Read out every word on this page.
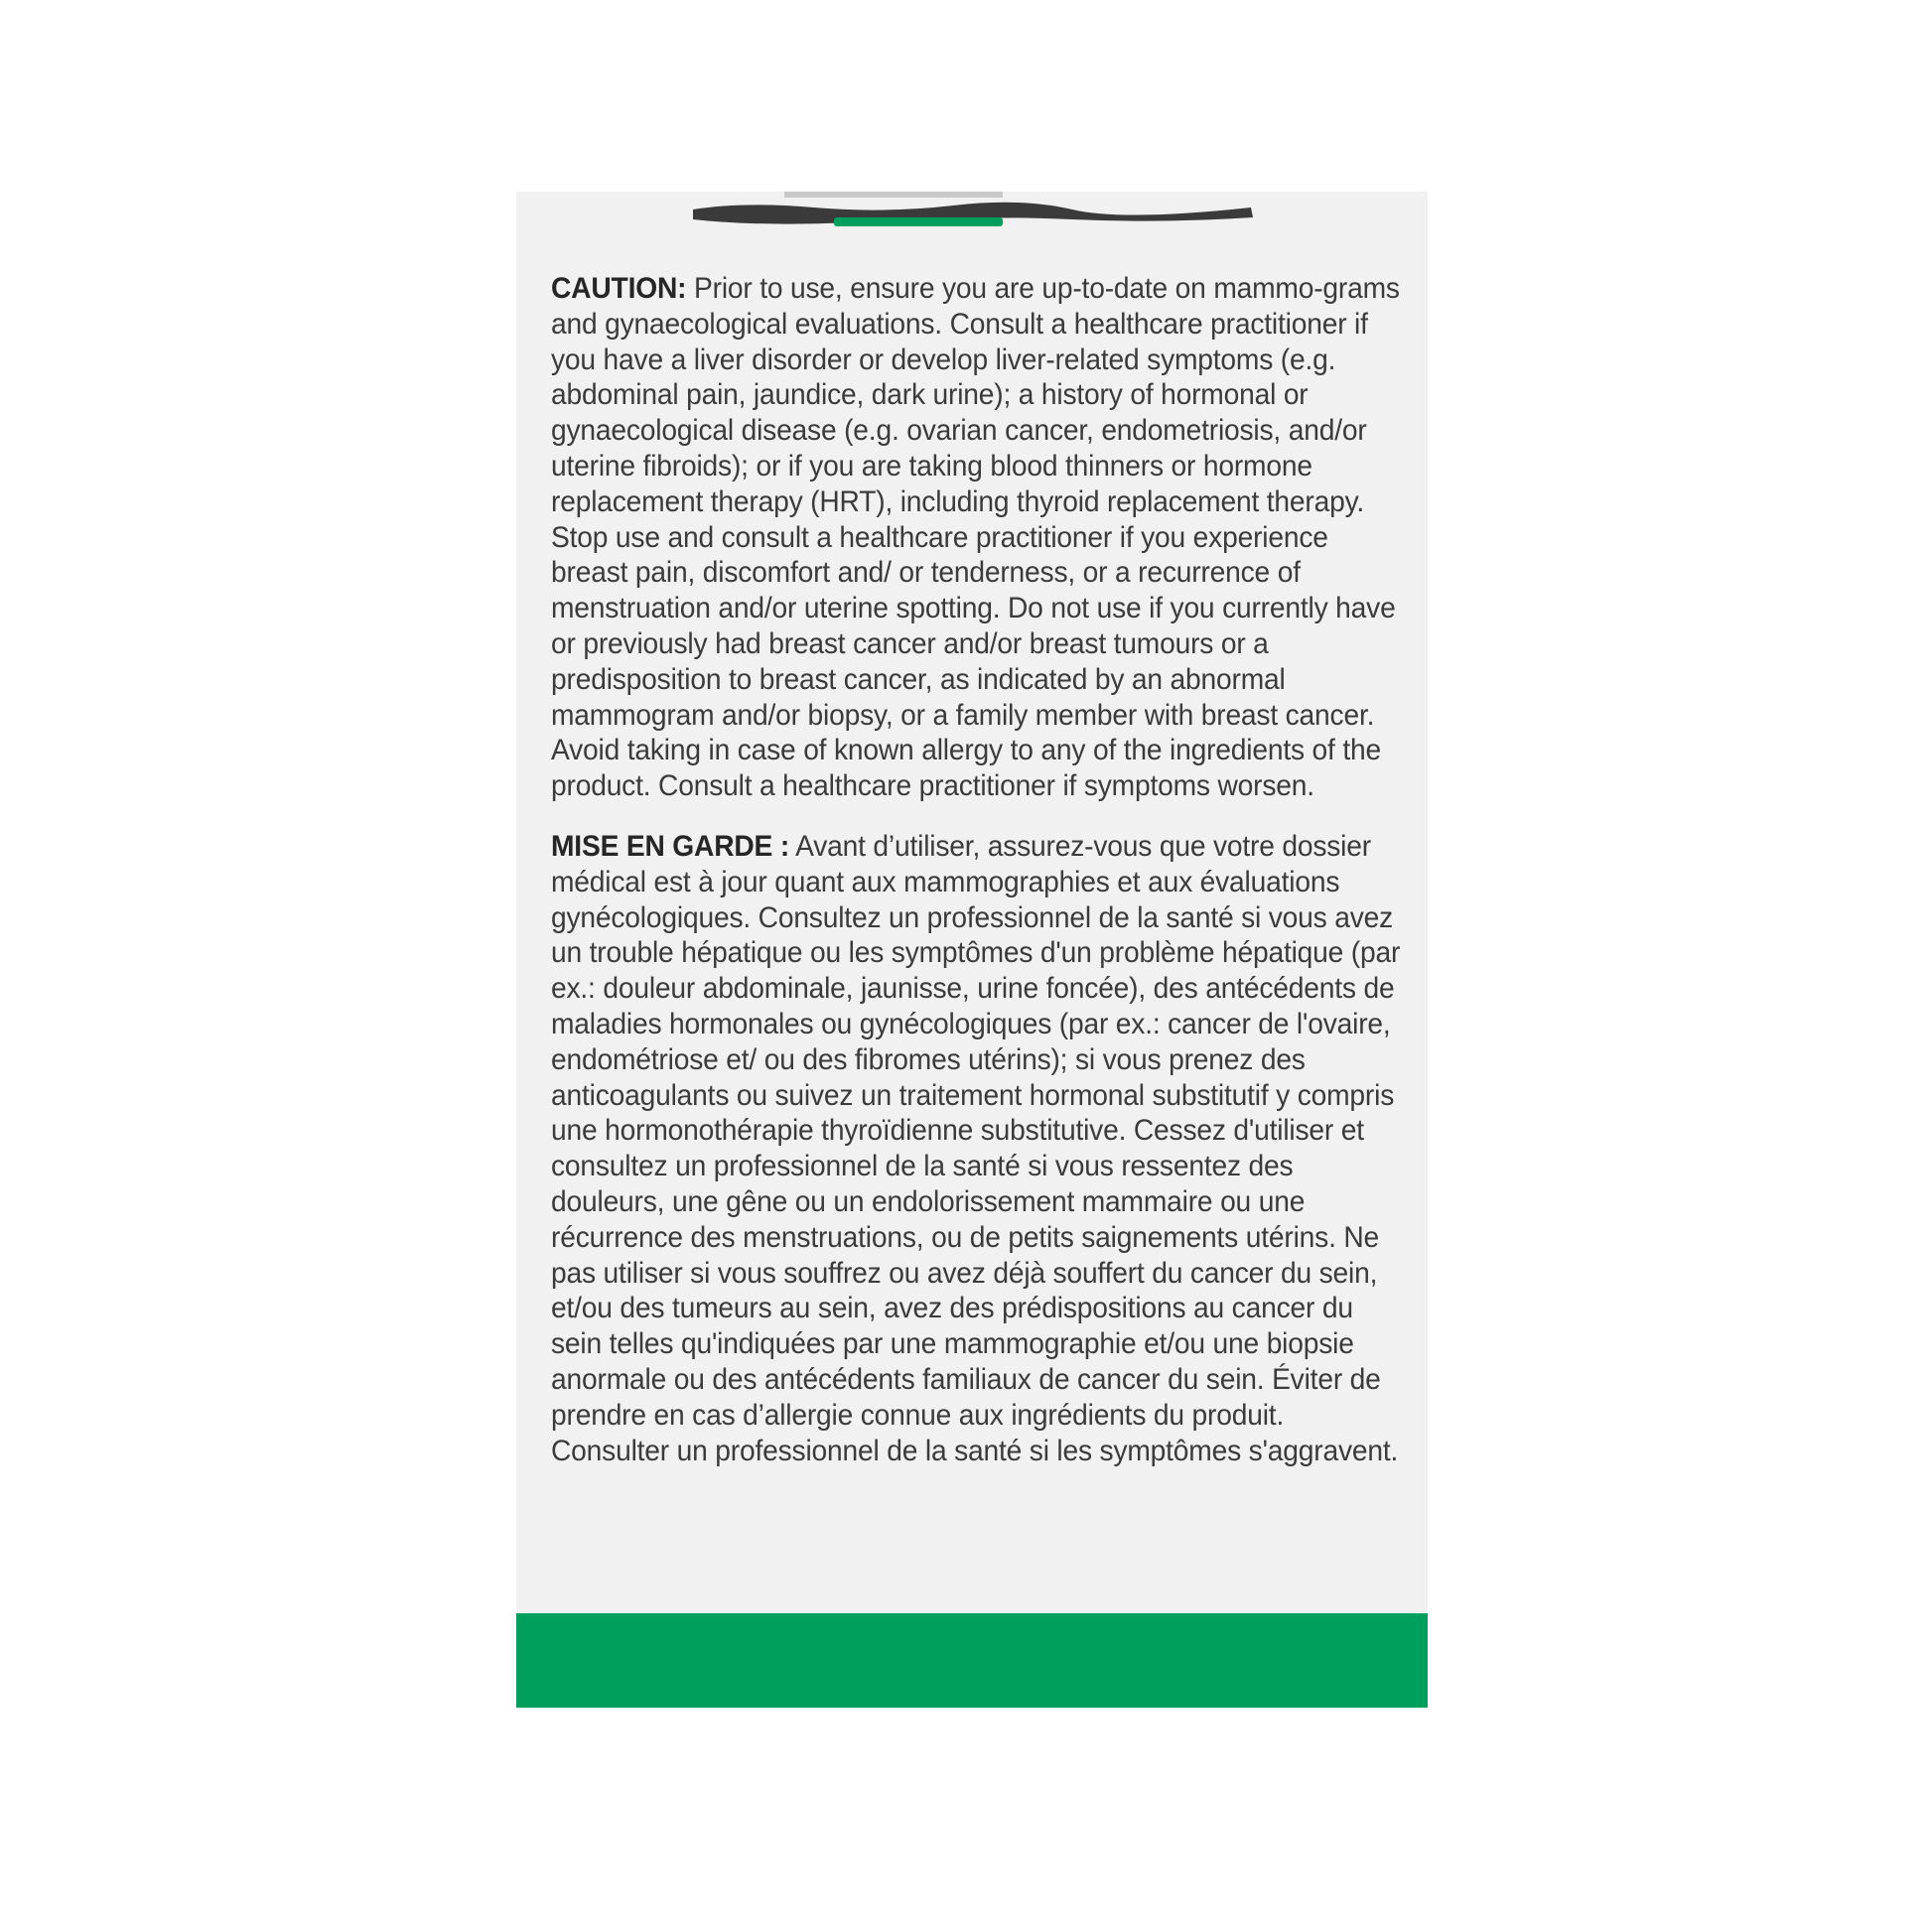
CAUTION: Prior to use, ensure you are up-to-date on mammo-grams and gynaecological evaluations. Consult a healthcare practitioner if you have a liver disorder or develop liver-related symptoms (e.g. abdominal pain, jaundice, dark urine); a history of hormonal or gynaecological disease (e.g. ovarian cancer, endometriosis, and/or uterine fibroids); or if you are taking blood thinners or hormone replacement therapy (HRT), including thyroid replacement therapy. Stop use and consult a healthcare practitioner if you experience breast pain, discomfort and/ or tenderness, or a recurrence of menstruation and/or uterine spotting. Do not use if you currently have or previously had breast cancer and/or breast tumours or a predisposition to breast cancer, as indicated by an abnormal mammogram and/or biopsy, or a family member with breast cancer. Avoid taking in case of known allergy to any of the ingredients of the product. Consult a healthcare practitioner if symptoms worsen.

MISE EN GARDE : Avant d’utiliser, assurez-vous que votre dossier médical est à jour quant aux mammographies et aux évaluations gynécologiques. Consultez un professionnel de la santé si vous avez un trouble hépatique ou les symptômes d'un problème hépatique (par ex.: douleur abdominale, jaunisse, urine foncée), des antécédents de maladies hormonales ou gynécologiques (par ex.: cancer de l'ovaire, endométriose et/ ou des fibromes utérins); si vous prenez des anticoagulants ou suivez un traitement hormonal substitutif y compris une hormonothérapie thyroïdienne substitutive. Cessez d'utiliser et consultez un professionnel de la santé si vous ressentez des douleurs, une gêne ou un endolorissement mammaire ou une récurrence des menstruations, ou de petits saignements utérins. Ne pas utiliser si vous souffrez ou avez déjà souffert du cancer du sein, et/ou des tumeurs au sein, avez des prédispositions au cancer du sein telles qu'indiquées par une mammographie et/ou une biopsie anormale ou des antécédents familiaux de cancer du sein. Éviter de prendre en cas d’allergie connue aux ingrédients du produit. Consulter un professionnel de la santé si les symptômes s'aggravent.
